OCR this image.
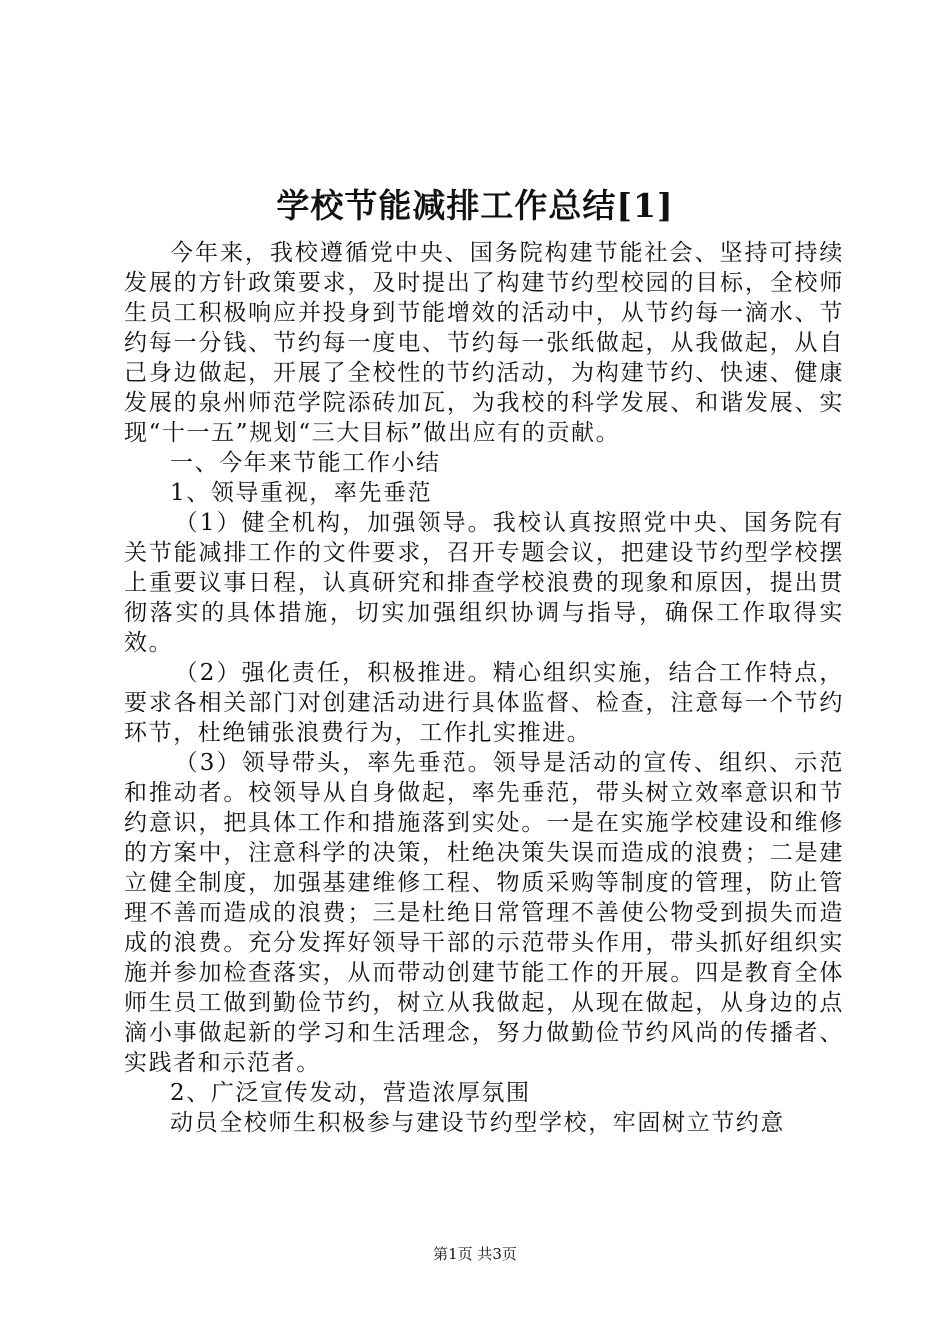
学校节能减排工作总结[1]

今年来，我校遵循党中央、国务院构建节能社会、坚持可持续发展的方针政策要求，及时提出了构建节约型校园的目标，全校师生员工积极响应并投身到节能增效的活动中，从节约每一滴水、节约每一分钱、节约每一度电、节约每一张纸做起，从我做起，从自己身边做起，开展了全校性的节约活动，为构建节约、快速、健康发展的泉州师范学院添砖加瓦，为我校的科学发展、和谐发展、实现“十一五”规划“三大目标”做出应有的贡献。

一、今年来节能工作小结

1、领导重视，率先垂范

（1）健全机构，加强领导。我校认真按照党中央、国务院有关节能减排工作的文件要求，召开专题会议，把建设节约型学校摆上重要议事日程，认真研究和排查学校浪费的现象和原因，提出贯彻落实的具体措施，切实加强组织协调与指导，确保工作取得实效。

（2）强化责任，积极推进。精心组织实施，结合工作特点，要求各相关部门对创建活动进行具体监督、检查，注意每一个节约环节，杜绝铺张浪费行为，工作扎实推进。

（3）领导带头，率先垂范。领导是活动的宣传、组织、示范和推动者。校领导从自身做起，率先垂范，带头树立效率意识和节约意识，把具体工作和措施落到实处。一是在实施学校建设和维修的方案中，注意科学的决策，杜绝决策失误而造成的浪费；二是建立健全制度，加强基建维修工程、物质采购等制度的管理，防止管理不善而造成的浪费；三是杜绝日常管理不善使公物受到损失而造成的浪费。充分发挥好领导干部的示范带头作用，带头抓好组织实施并参加检查落实，从而带动创建节能工作的开展。四是教育全体师生员工做到勤俭节约，树立从我做起，从现在做起，从身边的点滴小事做起新的学习和生活理念，努力做勤俭节约风尚的传播者、实践者和示范者。

2、广泛宣传发动，营造浓厚氛围

动员全校师生积极参与建设节约型学校，牢固树立节约意

第1页 共3页
